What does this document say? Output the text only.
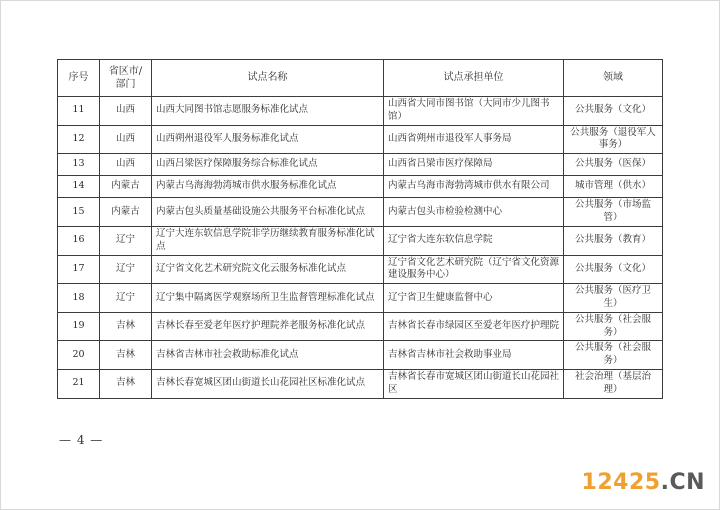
序号	省区市/部门	试点名称	试点承担单位	领域
11	山西	山西大同图书馆志愿服务标准化试点	山西省大同市图书馆（大同市少儿图书馆）	公共服务（文化）
12	山西	山西朔州退役军人服务标准化试点	山西省朔州市退役军人事务局	公共服务（退役军人事务）
13	山西	山西吕梁医疗保障服务综合标准化试点	山西省吕梁市医疗保障局	公共服务（医保）
14	内蒙古	内蒙古乌海海勃湾城市供水服务标准化试点	内蒙古乌海市海勃湾城市供水有限公司	城市管理（供水）
15	内蒙古	内蒙古包头质量基础设施公共服务平台标准化试点	内蒙古包头市检验检测中心	公共服务（市场监管）
16	辽宁	辽宁大连东软信息学院非学历继续教育服务标准化试点	辽宁省大连东软信息学院	公共服务（教育）
17	辽宁	辽宁省文化艺术研究院文化云服务标准化试点	辽宁省文化艺术研究院（辽宁省文化资源建设服务中心）	公共服务（文化）
18	辽宁	辽宁集中隔离医学观察场所卫生监督管理标准化试点	辽宁省卫生健康监督中心	公共服务（医疗卫生）
19	吉林	吉林长春至爱老年医疗护理院养老服务标准化试点	吉林省长春市绿园区至爱老年医疗护理院	公共服务（社会服务）
20	吉林	吉林省吉林市社会救助标准化试点	吉林省吉林市社会救助事业局	公共服务（社会服务）
21	吉林	吉林长春宽城区团山街道长山花园社区标准化试点	吉林省长春市宽城区团山街道长山花园社区	社会治理（基层治理）
— 4 —
12425.CN
